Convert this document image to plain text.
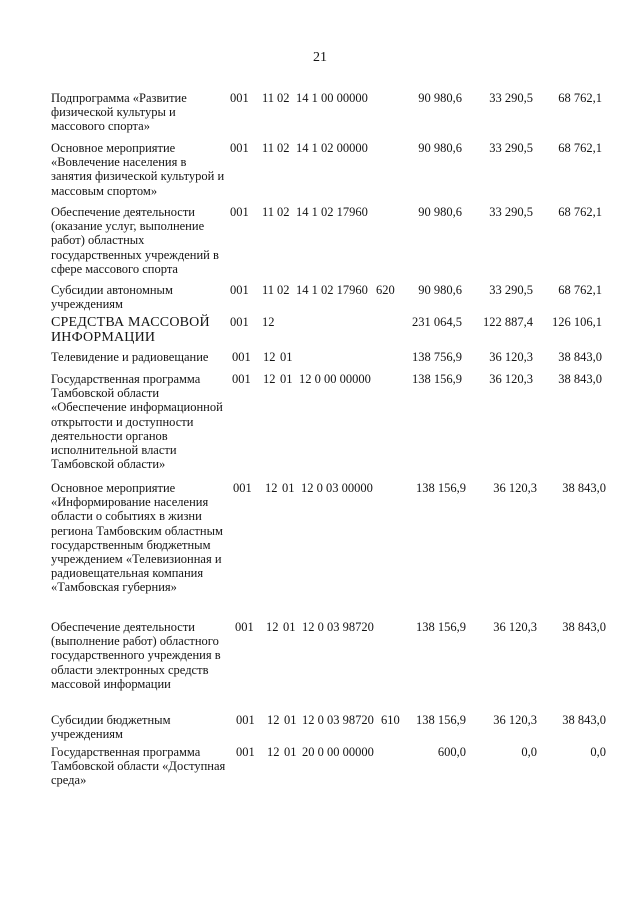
21
Подпрограмма «Развитие физической культуры и массового спорта»
001 11 02 14 1 00 00000	90 980,6	33 290,5	68 762,1
Основное мероприятие «Вовлечение населения в занятия физической культурой и массовым спортом»
001 11 02 14 1 02 00000	90 980,6	33 290,5	68 762,1
Обеспечение деятельности (оказание услуг, выполнение работ) областных государственных учреждений в сфере массового спорта
001 11 02 14 1 02 17960	90 980,6	33 290,5	68 762,1
Субсидии автономным учреждениям
001 11 02 14 1 02 17960 620	90 980,6	33 290,5	68 762,1
СРЕДСТВА МАССОВОЙ ИНФОРМАЦИИ
001 12	231 064,5	122 887,4	126 106,1
Телевидение и радиовещание	001 12 01	138 756,9	36 120,3	38 843,0
Государственная программа Тамбовской области «Обеспечение информационной открытости и доступности деятельности органов исполнительной власти Тамбовской области»
001 12 01 12 0 00 00000	138 156,9	36 120,3	38 843,0
Основное мероприятие «Информирование населения области о событиях в жизни региона Тамбовским областным государственным бюджетным учреждением «Телевизионная и радиовещательная компания «Тамбовская губерния»
001 12 01 12 0 03 00000	138 156,9	36 120,3	38 843,0
Обеспечение деятельности (выполнение работ) областного государственного учреждения в области электронных средств массовой информации
001 12 01 12 0 03 98720	138 156,9	36 120,3	38 843,0
Субсидии бюджетным учреждениям
001 12 01 12 0 03 98720 610	138 156,9	36 120,3	38 843,0
Государственная программа Тамбовской области «Доступная среда»
001 12 01 20 0 00 00000	600,0	0,0	0,0
